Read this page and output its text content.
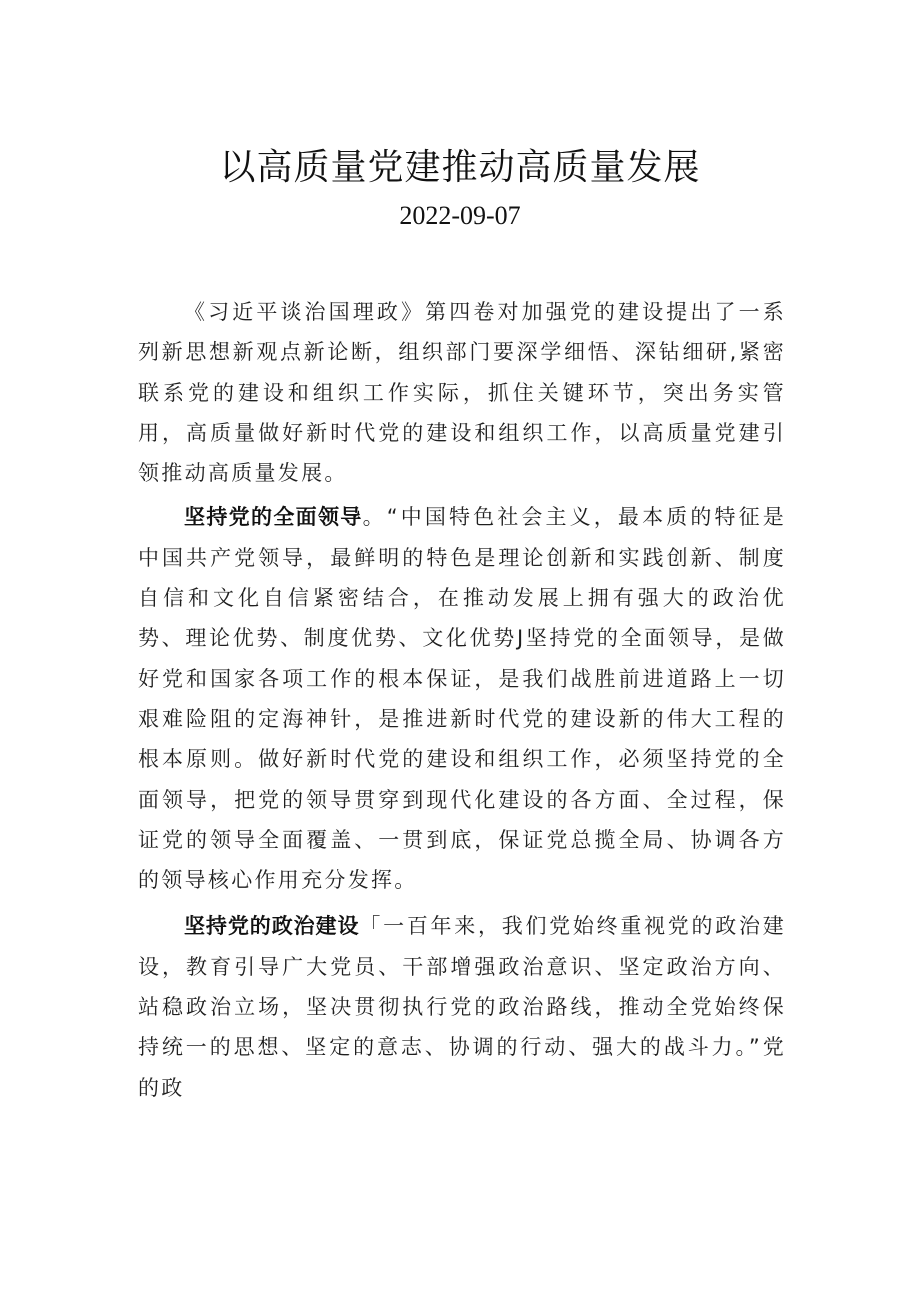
以高质量党建推动高质量发展
2022-09-07

《习近平谈治国理政》第四卷对加强党的建设提出了一系列新思想新观点新论断，组织部门要深学细悟、深钻细研,紧密联系党的建设和组织工作实际，抓住关键环节，突出务实管用，高质量做好新时代党的建设和组织工作，以高质量党建引领推动高质量发展。

坚持党的全面领导。“中国特色社会主义，最本质的特征是中国共产党领导，最鲜明的特色是理论创新和实践创新、制度自信和文化自信紧密结合，在推动发展上拥有强大的政治优势、理论优势、制度优势、文化优势J坚持党的全面领导，是做好党和国家各项工作的根本保证，是我们战胜前进道路上一切艰难险阻的定海神针，是推进新时代党的建设新的伟大工程的根本原则。做好新时代党的建设和组织工作，必须坚持党的全面领导，把党的领导贯穿到现代化建设的各方面、全过程，保证党的领导全面覆盖、一贯到底，保证党总揽全局、协调各方的领导核心作用充分发挥。

坚持党的政治建设「一百年来，我们党始终重视党的政治建设，教育引导广大党员、干部增强政治意识、坚定政治方向、站稳政治立场，坚决贯彻执行党的政治路线，推动全党始终保持统一的思想、坚定的意志、协调的行动、强大的战斗力。”党的政
